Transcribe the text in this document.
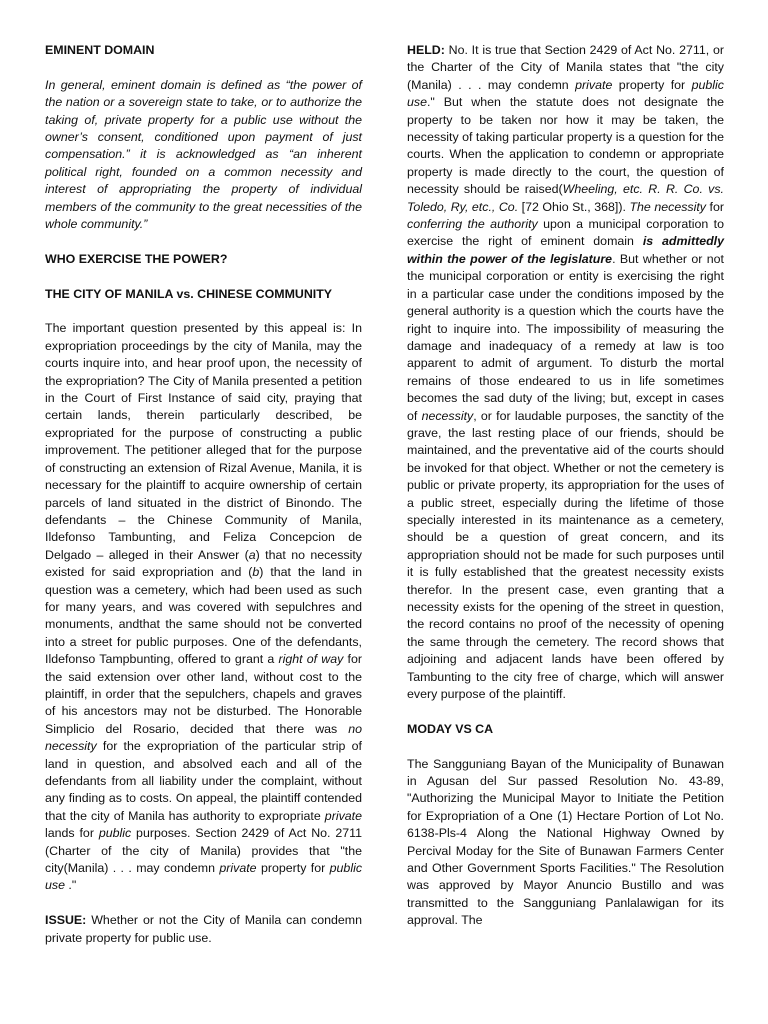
EMINENT DOMAIN

In general, eminent domain is defined as “the power of the nation or a sovereign state to take, or to authorize the taking of, private property for a public use without the owner’s consent, conditioned upon payment of just compensation.” it is acknowledged as “an inherent political right, founded on a common necessity and interest of appropriating the property of individual members of the community to the great necessities of the whole community.”

WHO EXERCISE THE POWER?
THE CITY OF MANILA vs. CHINESE COMMUNITY

The important question presented by this appeal is: In expropriation proceedings by the city of Manila, may the courts inquire into, and hear proof upon, the necessity of the expropriation? The City of Manila presented a petition in the Court of First Instance of said city, praying that certain lands, therein particularly described, be expropriated for the purpose of constructing a public improvement. The petitioner alleged that for the purpose of constructing an extension of Rizal Avenue, Manila, it is necessary for the plaintiff to acquire ownership of certain parcels of land situated in the district of Binondo. The defendants – the Chinese Community of Manila, Ildefonso Tambunting, and Feliza Concepcion de Delgado – alleged in their Answer (a) that no necessity existed for said expropriation and (b) that the land in question was a cemetery, which had been used as such for many years, and was covered with sepulchres and monuments, andthat the same should not be converted into a street for public purposes. One of the defendants, Ildefonso Tampbunting, offered to grant a right of way for the said extension over other land, without cost to the plaintiff, in order that the sepulchers, chapels and graves of his ancestors may not be disturbed. The Honorable Simplicio del Rosario, decided that there was no necessity for the expropriation of the particular strip of land in question, and absolved each and all of the defendants from all liability under the complaint, without any finding as to costs. On appeal, the plaintiff contended that the city of Manila has authority to expropriate private lands for public purposes. Section 2429 of Act No. 2711 (Charter of the city of Manila) provides that "the city(Manila) . . . may condemn private property for public use ."

ISSUE: Whether or not the City of Manila can condemn private property for public use.

HELD: No. It is true that Section 2429 of Act No. 2711, or the Charter of the City of Manila states that "the city (Manila) . . . may condemn private property for public use." But when the statute does not designate the property to be taken nor how it may be taken, the necessity of taking particular property is a question for the courts. When the application to condemn or appropriate property is made directly to the court, the question of necessity should be raised(Wheeling, etc. R. R. Co. vs. Toledo, Ry, etc., Co. [72 Ohio St., 368]). The necessity for conferring the authority upon a municipal corporation to exercise the right of eminent domain is admittedly within the power of the legislature. But whether or not the municipal corporation or entity is exercising the right in a particular case under the conditions imposed by the general authority is a question which the courts have the right to inquire into. The impossibility of measuring the damage and inadequacy of a remedy at law is too apparent to admit of argument. To disturb the mortal remains of those endeared to us in life sometimes becomes the sad duty of the living; but, except in cases of necessity, or for laudable purposes, the sanctity of the grave, the last resting place of our friends, should be maintained, and the preventative aid of the courts should be invoked for that object. Whether or not the cemetery is public or private property, its appropriation for the uses of a public street, especially during the lifetime of those specially interested in its maintenance as a cemetery, should be a question of great concern, and its appropriation should not be made for such purposes until it is fully established that the greatest necessity exists therefor. In the present case, even granting that a necessity exists for the opening of the street in question, the record contains no proof of the necessity of opening the same through the cemetery. The record shows that adjoining and adjacent lands have been offered by Tambunting to the city free of charge, which will answer every purpose of the plaintiff.

MODAY VS CA

The Sangguniang Bayan of the Municipality of Bunawan in Agusan del Sur passed Resolution No. 43-89, "Authorizing the Municipal Mayor to Initiate the Petition for Expropriation of a One (1) Hectare Portion of Lot No. 6138-Pls-4 Along the National Highway Owned by Percival Moday for the Site of Bunawan Farmers Center and Other Government Sports Facilities." The Resolution was approved by Mayor Anuncio Bustillo and was transmitted to the Sangguniang Panlalawigan for its approval. The
